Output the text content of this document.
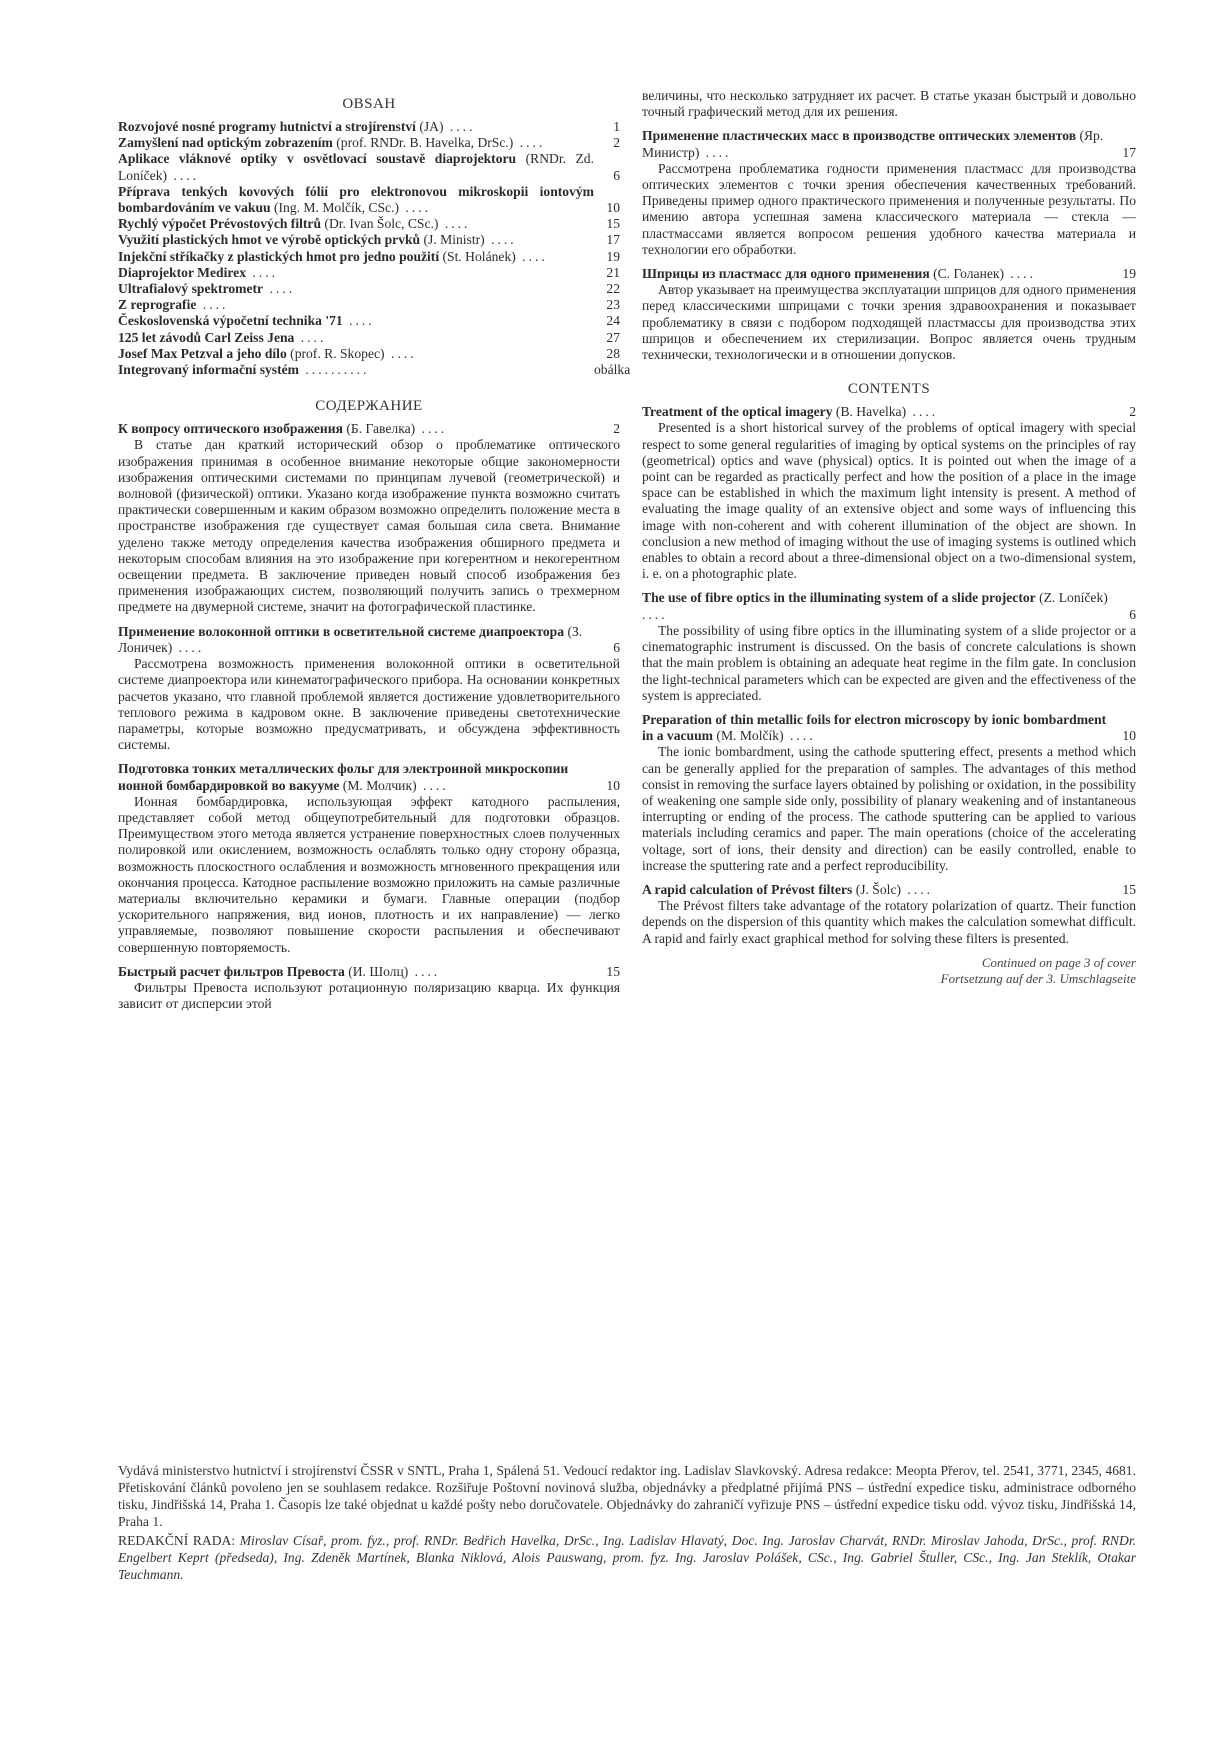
OBSAH
Rozvojové nosné programy hutnictví a strojírenství (JA) ....	1
Zamyšlení nad optickým zobrazením (prof. RNDr. B. Havelka, DrSc.) ....	2
Aplikace vláknové optiky v osvětlovací soustavě diaprojektoru (RNDr. Zd. Loníček) ....	6
Příprava tenkých kovových fólií pro elektronovou mikroskopii iontovým bombardováním ve vakuu (Ing. M. Molčík, CSc.) ....	10
Rychlý výpočet Prévostových filtrů (Dr. Ivan Šolc, CSc.) ....	15
Využití plastických hmot ve výrobě optických prvků (J. Ministr) ....	17
Injekční stříkačky z plastických hmot pro jedno použití (St. Holánek) ....	19
Diaprojektor Medirex ....	21
Ultrafialový spektrometr ....	22
Z reprografie ....	23
Československá výpočetní technika '71 ....	24
125 let závodů Carl Zeiss Jena ....	27
Josef Max Petzval a jeho dílo (prof. R. Skopec) ....	28
Integrovaný informační systém ..........	obálka
СОДЕРЖАНИЕ
К вопросу оптического изображения (Б. Гавелка) ....	2

В статье дан краткий исторический обзор о проблематике оптического изображения принимая в особенное внимание некоторые общие закономерности изображения оптическими системами по принципам лучевой (геометрической) и волновой (физической) оптики. Указано когда изображение пункта возможно считать практически совершенным и каким образом возможно определить положение места в пространстве изображения где существует самая большая сила света. Внимание уделено также методу определения качества изображения обширного предмета и некоторым способам влияния на это изображение при когерентном и некогерентном освещении предмета. В заключение приведен новый способ изображения без применения изображающих систем, позволяющий получить запись о трехмерном предмете на двумерной системе, значит на фотографической пластинке.

Применение волоконной оптики в осветительной системе диапроектора (З. Лоничек) ....	6

Рассмотрена возможность применения волоконной оптики в осветительной системе диапроектора или кинематографического прибора. На основании конкретных расчетов указано, что главной проблемой является достижение удовлетворительного теплового режима в кадровом окне. В заключение приведены светотехнические параметры, которые возможно предусматривать, и обсуждена эффективность системы.

Подготовка тонких металлических фольг для электронной микроскопии ионной бомбардировкой во вакууме (М. Молчик) ....	10

Ионная бомбардировка, использующая эффект катодного распыления, представляет собой метод общеупотребительный для подготовки образцов. Преимуществом этого метода является устранение поверхностных слоев полученных полировкой или окислением, возможность ослаблять только одну сторону образца, возможность плоскостного ослабления и возможность мгновенного прекращения или окончания процесса. Катодное распыление возможно приложить на самые различные материалы включительно керамики и бумаги. Главные операции (подбор ускорительного напряжения, вид ионов, плотность и их направление) — легко управляемые, позволяют повышение скорости распыления и обеспечивают совершенную повторяемость.

Быстрый расчет фильтров Превоста (И. Шолц) ....	15

Фильтры Превоста используют ротационную поляризацию кварца. Их функция зависит от дисперсии этой

величины, что несколько затрудняет их расчет. В статье указан быстрый и довольно точный графический метод для их решения.

Применение пластических масс в производстве оптических элементов (Яр. Министр) ....	17

Рассмотрена проблематика годности применения пластмасс для производства оптических элементов с точки зрения обеспечения качественных требований. Приведены пример одного практического применения и полученные результаты. По имению автора успешная замена классического материала — стекла — пластмассами является вопросом решения удобного качества материала и технологии его обработки.

Шприцы из пластмасс для одного применения (С. Голанек) ....	19

Автор указывает на преимущества эксплуатации шприцов для одного применения перед классическими шприцами с точки зрения здравоохранения и показывает проблематику в связи с подбором подходящей пластмассы для производства этих шприцов и обеспечением их стерилизации. Вопрос является очень трудным технически, технологически и в отношении допусков.

CONTENTS
Treatment of the optical imagery (B. Havelka) ....	2

Presented is a short historical survey of the problems of optical imagery with special respect to some general regularities of imaging by optical systems on the principles of ray (geometrical) optics and wave (physical) optics. It is pointed out when the image of a point can be regarded as practically perfect and how the position of a place in the image space can be established in which the maximum light intensity is present. A method of evaluating the image quality of an extensive object and some ways of influencing this image with non-coherent and with coherent illumination of the object are shown. In conclusion a new method of imaging without the use of imaging systems is outlined which enables to obtain a record about a three-dimensional object on a two-dimensional system, i. e. on a photographic plate.

The use of fibre optics in the illuminating system of a slide projector (Z. Loníček) ....	6

The possibility of using fibre optics in the illuminating system of a slide projector or a cinematographic instrument is discussed. On the basis of concrete calculations is shown that the main problem is obtaining an adequate heat regime in the film gate. In conclusion the light-technical parameters which can be expected are given and the effectiveness of the system is appreciated.

Preparation of thin metallic foils for electron microscopy by ionic bombardment in a vacuum (M. Molčík) ....	10

The ionic bombardment, using the cathode sputtering effect, presents a method which can be generally applied for the preparation of samples. The advantages of this method consist in removing the surface layers obtained by polishing or oxidation, in the possibility of weakening one sample side only, possibility of planary weakening and of instantaneous interrupting or ending of the process. The cathode sputtering can be applied to various materials including ceramics and paper. The main operations (choice of the accelerating voltage, sort of ions, their density and direction) can be easily controlled, enable to increase the sputtering rate and a perfect reproducibility.

A rapid calculation of Prévost filters (J. Šolc) ....	15

The Prévost filters take advantage of the rotatory polarization of quartz. Their function depends on the dispersion of this quantity which makes the calculation somewhat difficult. A rapid and fairly exact graphical method for solving these filters is presented.

Continued on page 3 of cover
Fortsetzung auf der 3. Umschlagseite

Vydává ministerstvo hutnictví i strojírenství ČSSR v SNTL, Praha 1, Spálená 51. Vedoucí redaktor ing. Ladislav Slavkovský. Adresa redakce: Meopta Přerov, tel. 2541, 3771, 2345, 4681. Přetiskování článků povoleno jen se souhlasem redakce. Rozšiřuje Poštovní novinová služba, objednávky a předplatné přijímá PNS – ústřední expedice tisku, administrace odborného tisku, Jindřišská 14, Praha 1. Časopis lze také objednat u každé pošty nebo doručovatele. Objednávky do zahraničí vyřizuje PNS – ústřední expedice tisku odd. vývoz tisku, Jindřišská 14, Praha 1.

REDAKČNÍ RADA: Miroslav Císař, prom. fyz., prof. RNDr. Bedřich Havelka, DrSc., Ing. Ladislav Hlavatý, Doc. Ing. Jaroslav Charvát, RNDr. Miroslav Jahoda, DrSc., prof. RNDr. Engelbert Keprt (předseda), Ing. Zdeněk Martínek, Blanka Niklová, Alois Pauswang, prom. fyz. Ing. Jaroslav Polášek, CSc., Ing. Gabriel Štuller, CSc., Ing. Jan Steklík, Otakar Teuchmann.
